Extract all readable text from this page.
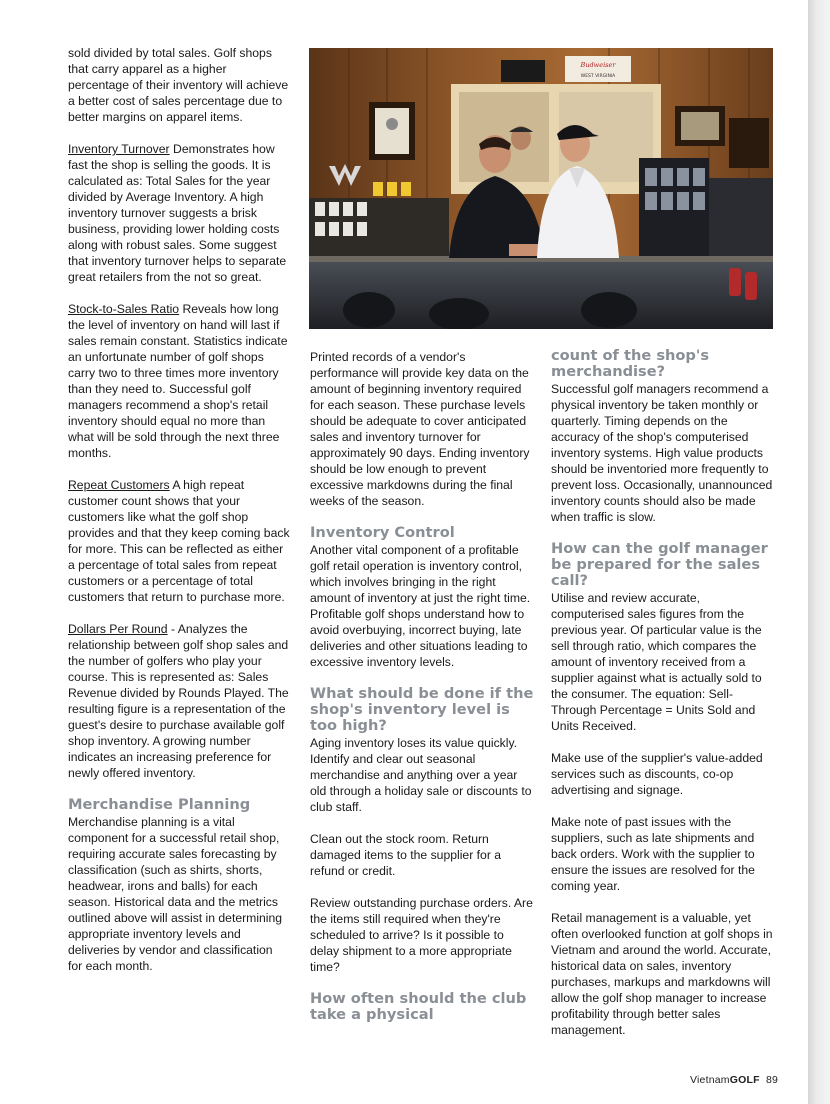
sold divided by total sales. Golf shops that carry apparel as a higher percentage of their inventory will achieve a better cost of sales percentage due to better margins on apparel items.

Inventory Turnover Demonstrates how fast the shop is selling the goods. It is calculated as: Total Sales for the year divided by Average Inventory. A high inventory turnover suggests a brisk business, providing lower holding costs along with robust sales. Some suggest that inventory turnover helps to separate great retailers from the not so great.

Stock-to-Sales Ratio Reveals how long the level of inventory on hand will last if sales remain constant. Statistics indicate an unfortunate number of golf shops carry two to three times more inventory than they need to. Successful golf managers recommend a shop's retail inventory should equal no more than what will be sold through the next three months.

Repeat Customers A high repeat customer count shows that your customers like what the golf shop provides and that they keep coming back for more. This can be reflected as either a percentage of total sales from repeat customers or a percentage of total customers that return to purchase more.

Dollars Per Round - Analyzes the relationship between golf shop sales and the number of golfers who play your course. This is represented as: Sales Revenue divided by Rounds Played. The resulting figure is a representation of the guest's desire to purchase available golf shop inventory. A growing number indicates an increasing preference for newly offered inventory.

Merchandise Planning

Merchandise planning is a vital component for a successful retail shop, requiring accurate sales forecasting by classification (such as shirts, shorts, headwear, irons and balls) for each season. Historical data and the metrics outlined above will assist in determining appropriate inventory levels and deliveries by vendor and classification for each month.

Budweiser
WEST VIRGINIA

Printed records of a vendor's performance will provide key data on the amount of beginning inventory required for each season. These purchase levels should be adequate to cover anticipated sales and inventory turnover for approximately 90 days. Ending inventory should be low enough to prevent excessive markdowns during the final weeks of the season.

Inventory Control

Another vital component of a profitable golf retail operation is inventory control, which involves bringing in the right amount of inventory at just the right time. Profitable golf shops understand how to avoid overbuying, incorrect buying, late deliveries and other situations leading to excessive inventory levels.

What should be done if the shop's inventory level is too high?

Aging inventory loses its value quickly. Identify and clear out seasonal merchandise and anything over a year old through a holiday sale or discounts to club staff.

Clean out the stock room. Return damaged items to the supplier for a refund or credit.

Review outstanding purchase orders. Are the items still required when they're scheduled to arrive? Is it possible to delay shipment to a more appropriate time?

How often should the club take a physical
count of the shop's merchandise?

Successful golf managers recommend a physical inventory be taken monthly or quarterly. Timing depends on the accuracy of the shop's computerised inventory systems. High value products should be inventoried more frequently to prevent loss. Occasionally, unannounced inventory counts should also be made when traffic is slow.

How can the golf manager be prepared for the sales call?

Utilise and review accurate, computerised sales figures from the previous year. Of particular value is the sell through ratio, which compares the amount of inventory received from a supplier against what is actually sold to the consumer. The equation: Sell-Through Percentage = Units Sold and Units Received.

Make use of the supplier's value-added services such as discounts, co-op advertising and signage.

Make note of past issues with the suppliers, such as late shipments and back orders. Work with the supplier to ensure the issues are resolved for the coming year.

Retail management is a valuable, yet often overlooked function at golf shops in Vietnam and around the world. Accurate, historical data on sales, inventory purchases, markups and markdowns will allow the golf shop manager to increase profitability through better sales management.

VietnamGOLF 89
